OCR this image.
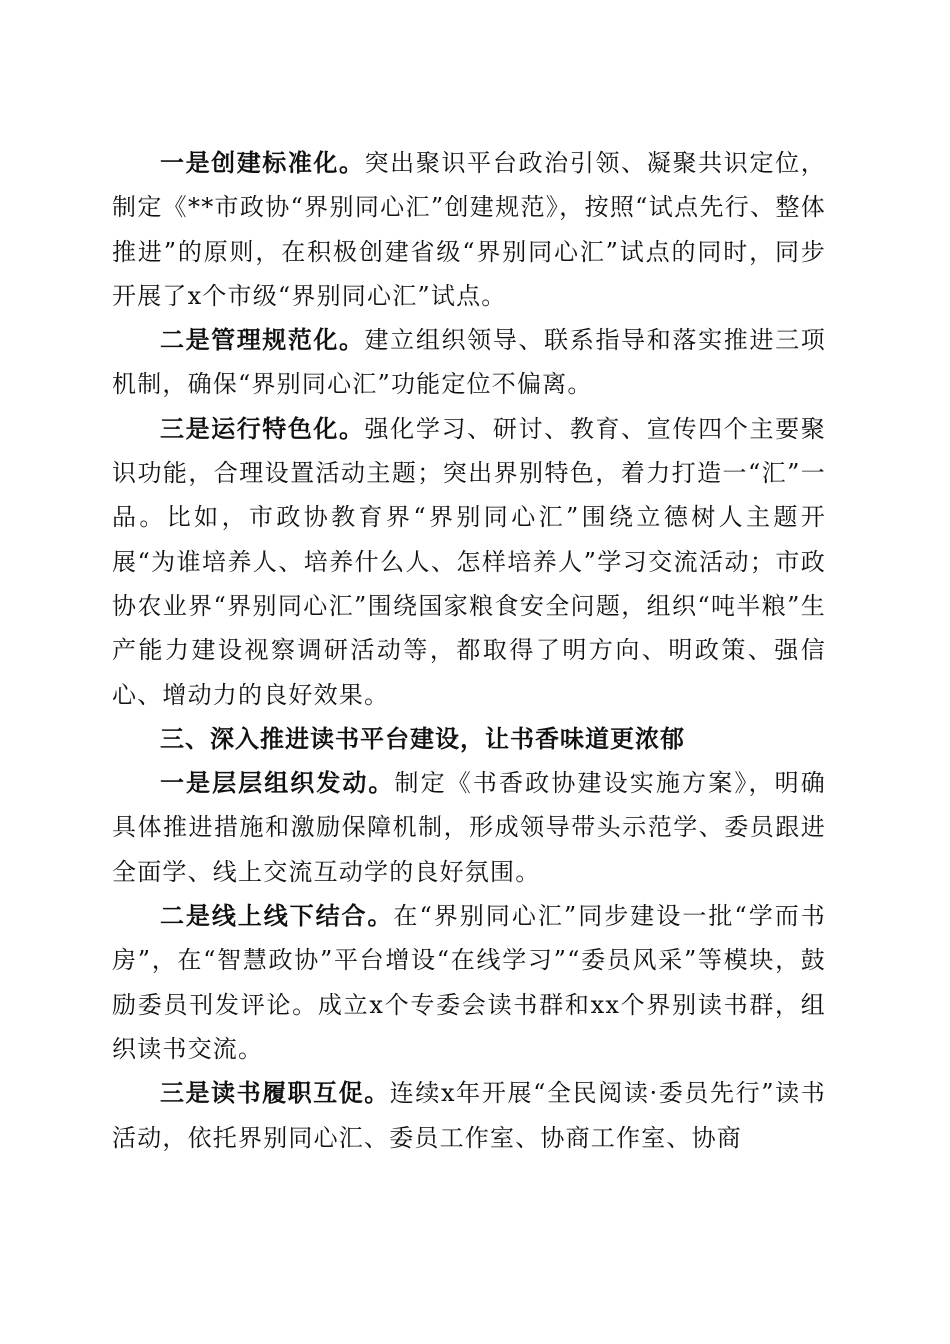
一是创建标准化。突出聚识平台政治引领、凝聚共识定位，制定《**市政协“界别同心汇”创建规范》，按照“试点先行、整体推进”的原则，在积极创建省级“界别同心汇”试点的同时，同步开展了x个市级“界别同心汇”试点。

二是管理规范化。建立组织领导、联系指导和落实推进三项机制，确保“界别同心汇”功能定位不偏离。

三是运行特色化。强化学习、研讨、教育、宣传四个主要聚识功能，合理设置活动主题；突出界别特色，着力打造一“汇”一品。比如，市政协教育界“界别同心汇”围绕立德树人主题开展“为谁培养人、培养什么人、怎样培养人”学习交流活动；市政协农业界“界别同心汇”围绕国家粮食安全问题，组织“吨半粮”生产能力建设视察调研活动等，都取得了明方向、明政策、强信心、增动力的良好效果。

三、深入推进读书平台建设，让书香味道更浓郁

一是层层组织发动。制定《书香政协建设实施方案》，明确具体推进措施和激励保障机制，形成领导带头示范学、委员跟进全面学、线上交流互动学的良好氛围。

二是线上线下结合。在“界别同心汇”同步建设一批“学而书房”，在“智慧政协”平台增设“在线学习”“委员风采”等模块，鼓励委员刊发评论。成立x个专委会读书群和xx个界别读书群，组织读书交流。

三是读书履职互促。连续x年开展“全民阅读·委员先行”读书活动，依托界别同心汇、委员工作室、协商工作室、协商
